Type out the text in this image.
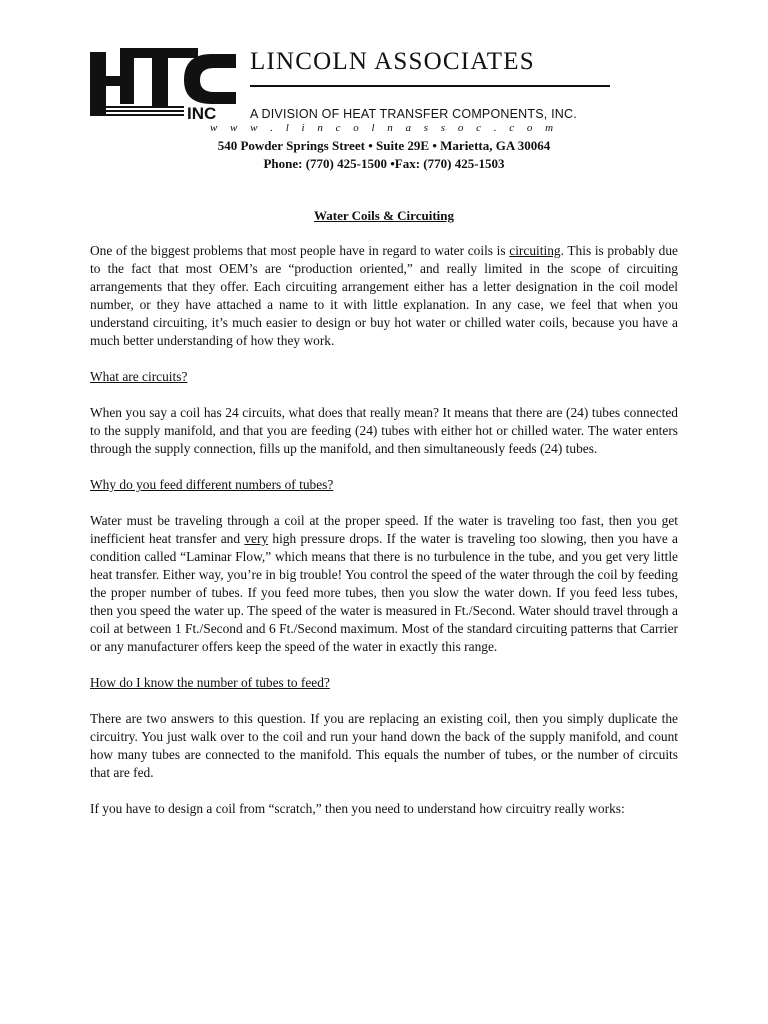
INC
LINCOLN ASSOCIATES
A DIVISION OF HEAT TRANSFER COMPONENTS, INC.
w w w . l i n c o l n a s s o c . c o m
540 Powder Springs Street • Suite 29E • Marietta, GA 30064
Phone: (770) 425-1500 •Fax: (770) 425-1503
Water Coils & Circuiting

One of the biggest problems that most people have in regard to water coils is circuiting. This is probably due to the fact that most OEM’s are “production oriented,” and really limited in the scope of circuiting arrangements that they offer. Each circuiting arrangement either has a letter designation in the coil model number, or they have attached a name to it with little explanation. In any case, we feel that when you understand circuiting, it’s much easier to design or buy hot water or chilled water coils, because you have a much better understanding of how they work.

What are circuits?

When you say a coil has 24 circuits, what does that really mean? It means that there are (24) tubes connected to the supply manifold, and that you are feeding (24) tubes with either hot or chilled water. The water enters through the supply connection, fills up the manifold, and then simultaneously feeds (24) tubes.

Why do you feed different numbers of tubes?

Water must be traveling through a coil at the proper speed. If the water is traveling too fast, then you get inefficient heat transfer and very high pressure drops. If the water is traveling too slowing, then you have a condition called “Laminar Flow,” which means that there is no turbulence in the tube, and you get very little heat transfer. Either way, you’re in big trouble! You control the speed of the water through the coil by feeding the proper number of tubes. If you feed more tubes, then you slow the water down. If you feed less tubes, then you speed the water up. The speed of the water is measured in Ft./Second. Water should travel through a coil at between 1 Ft./Second and 6 Ft./Second maximum. Most of the standard circuiting patterns that Carrier or any manufacturer offers keep the speed of the water in exactly this range.

How do I know the number of tubes to feed?

There are two answers to this question. If you are replacing an existing coil, then you simply duplicate the circuitry. You just walk over to the coil and run your hand down the back of the supply manifold, and count how many tubes are connected to the manifold. This equals the number of tubes, or the number of circuits that are fed.

If you have to design a coil from “scratch,” then you need to understand how circuitry really works:
